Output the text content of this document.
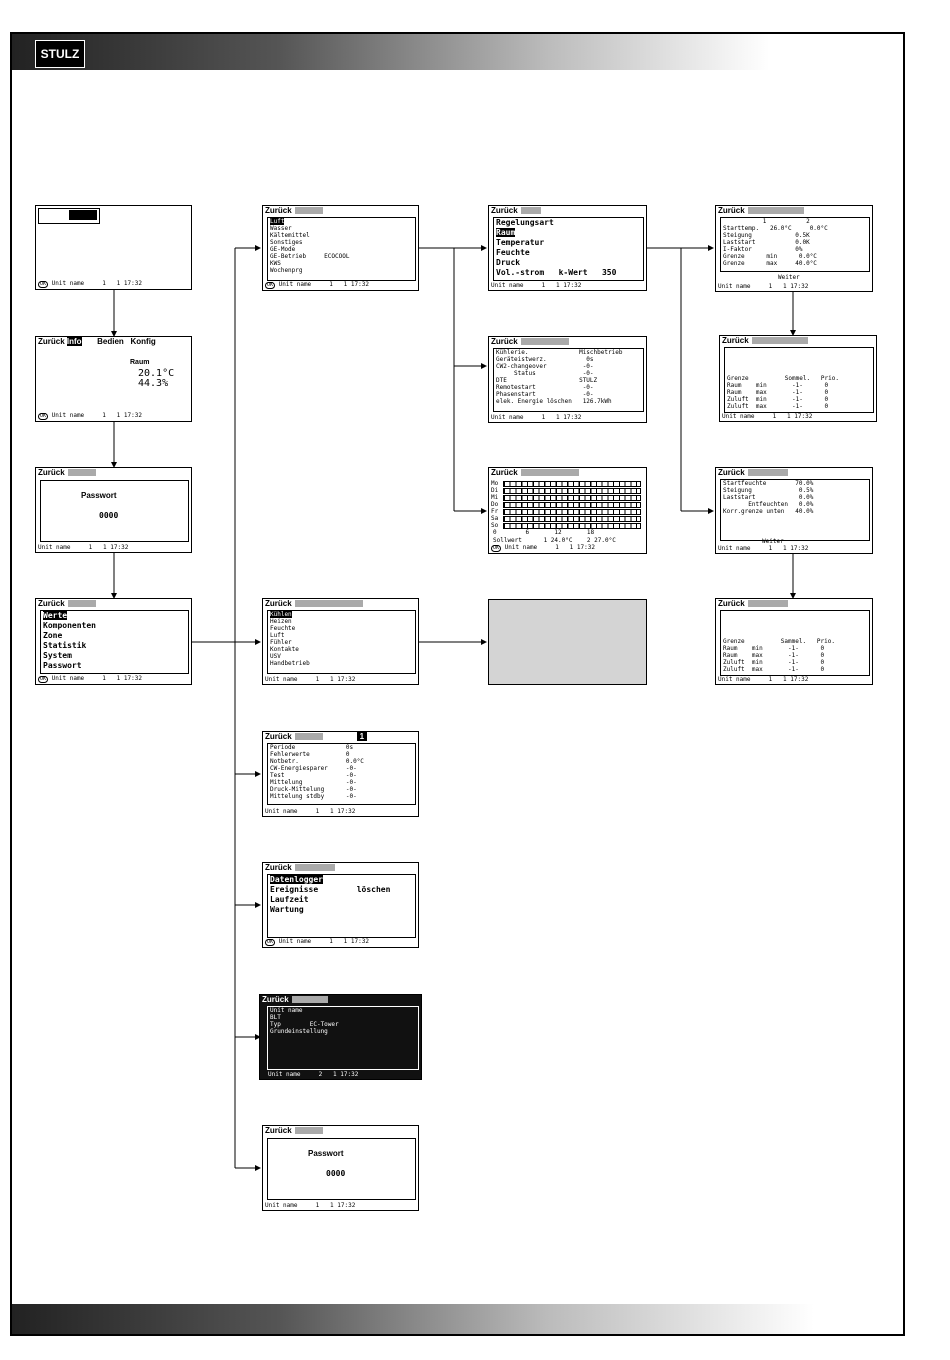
STULZ
OK Unit name     1   1 17:32
Zurück Info Bedien Konfig
Raum
20.1°C
44.3%
OK Unit name     1   1 17:32
Zurück
Passwort
0000
Unit name     1   1 17:32
Zurück
Werte
Komponenten
Zone
Statistik
System
Passwort
OK Unit name     1   1 17:32
Zurück
Luft
Wasser
Kältemittel
Sonstiges
GE-Mode
GE-Betrieb     ECOCOOL
KWS
Wochenprg
OK Unit name     1   1 17:32
Zurück
Kühlen
Heizen
Feuchte
Luft
Fühler
Kontakte
USV
Handbetrieb
Unit name     1   1 17:32
Zurück	1
Periode              0s
Fehlerwerte          0
Notbetr.             0.0°C
CW-Energiesparer     -0-
Test                 -0-
Mittelung            -0-
Druck-Mittelung      -0-
Mittelung stdby      -0-
Unit name     1   1 17:32
Zurück
Datenlogger
Ereignisse        löschen
Laufzeit
Wartung
OK Unit name     1   1 17:32
Zurück
Unit name
BLT
Typ        EC-Tower
Grundeinstellung
Unit name     2   1 17:32
Zurück
Passwort
0000
Unit name     1   1 17:32
Zurück
Regelungsart
Raum
Temperatur
Feuchte
Druck
Vol.-strom   k-Wert   350
Unit name     1   1 17:32
Zurück
Kühlerie.              Mischbetrieb
Geräteistwerz.           0s
CW2-changeover          -0-
Status             -0-
DTE                    STULZ
Remotestart             -0-
Phasenstart             -0-
elek. Energie löschen   126.7kWh
Unit name     1   1 17:32
Zurück
Mo
Di
Mi
Do
Fr
Sa
So
0        6       12       18
Sollwert      1 24.0°C    2 27.0°C
OK Unit name     1   1 17:32
Zurück
1           2
Starttemp.   26.0°C     0.0°C
Steigung            0.5K
Laststart           0.0K
I-Faktor            0%
Grenze      min      0.0°C
Grenze      max     40.0°C
Weiter
Unit name     1   1 17:32
Zurück
Grenze          Sommel.   Prio.
Raum    min       -1-      0
Raum    max       -1-      0
Zuluft  min       -1-      0
Zuluft  max       -1-      0
Unit name     1   1 17:32
Zurück
Startfeuchte        70.0%
Steigung             0.5%
Laststart            0.0%
Entfeuchten   0.0%
Korr.grenze unten   40.0%
Weiter
Unit name     1   1 17:32
Zurück
Grenze          Sammel.   Prio.
Raum    min       -1-      0
Raum    max       -1-      0
Zuluft  min       -1-      0
Zuluft  max       -1-      0
Unit name     1   1 17:32
